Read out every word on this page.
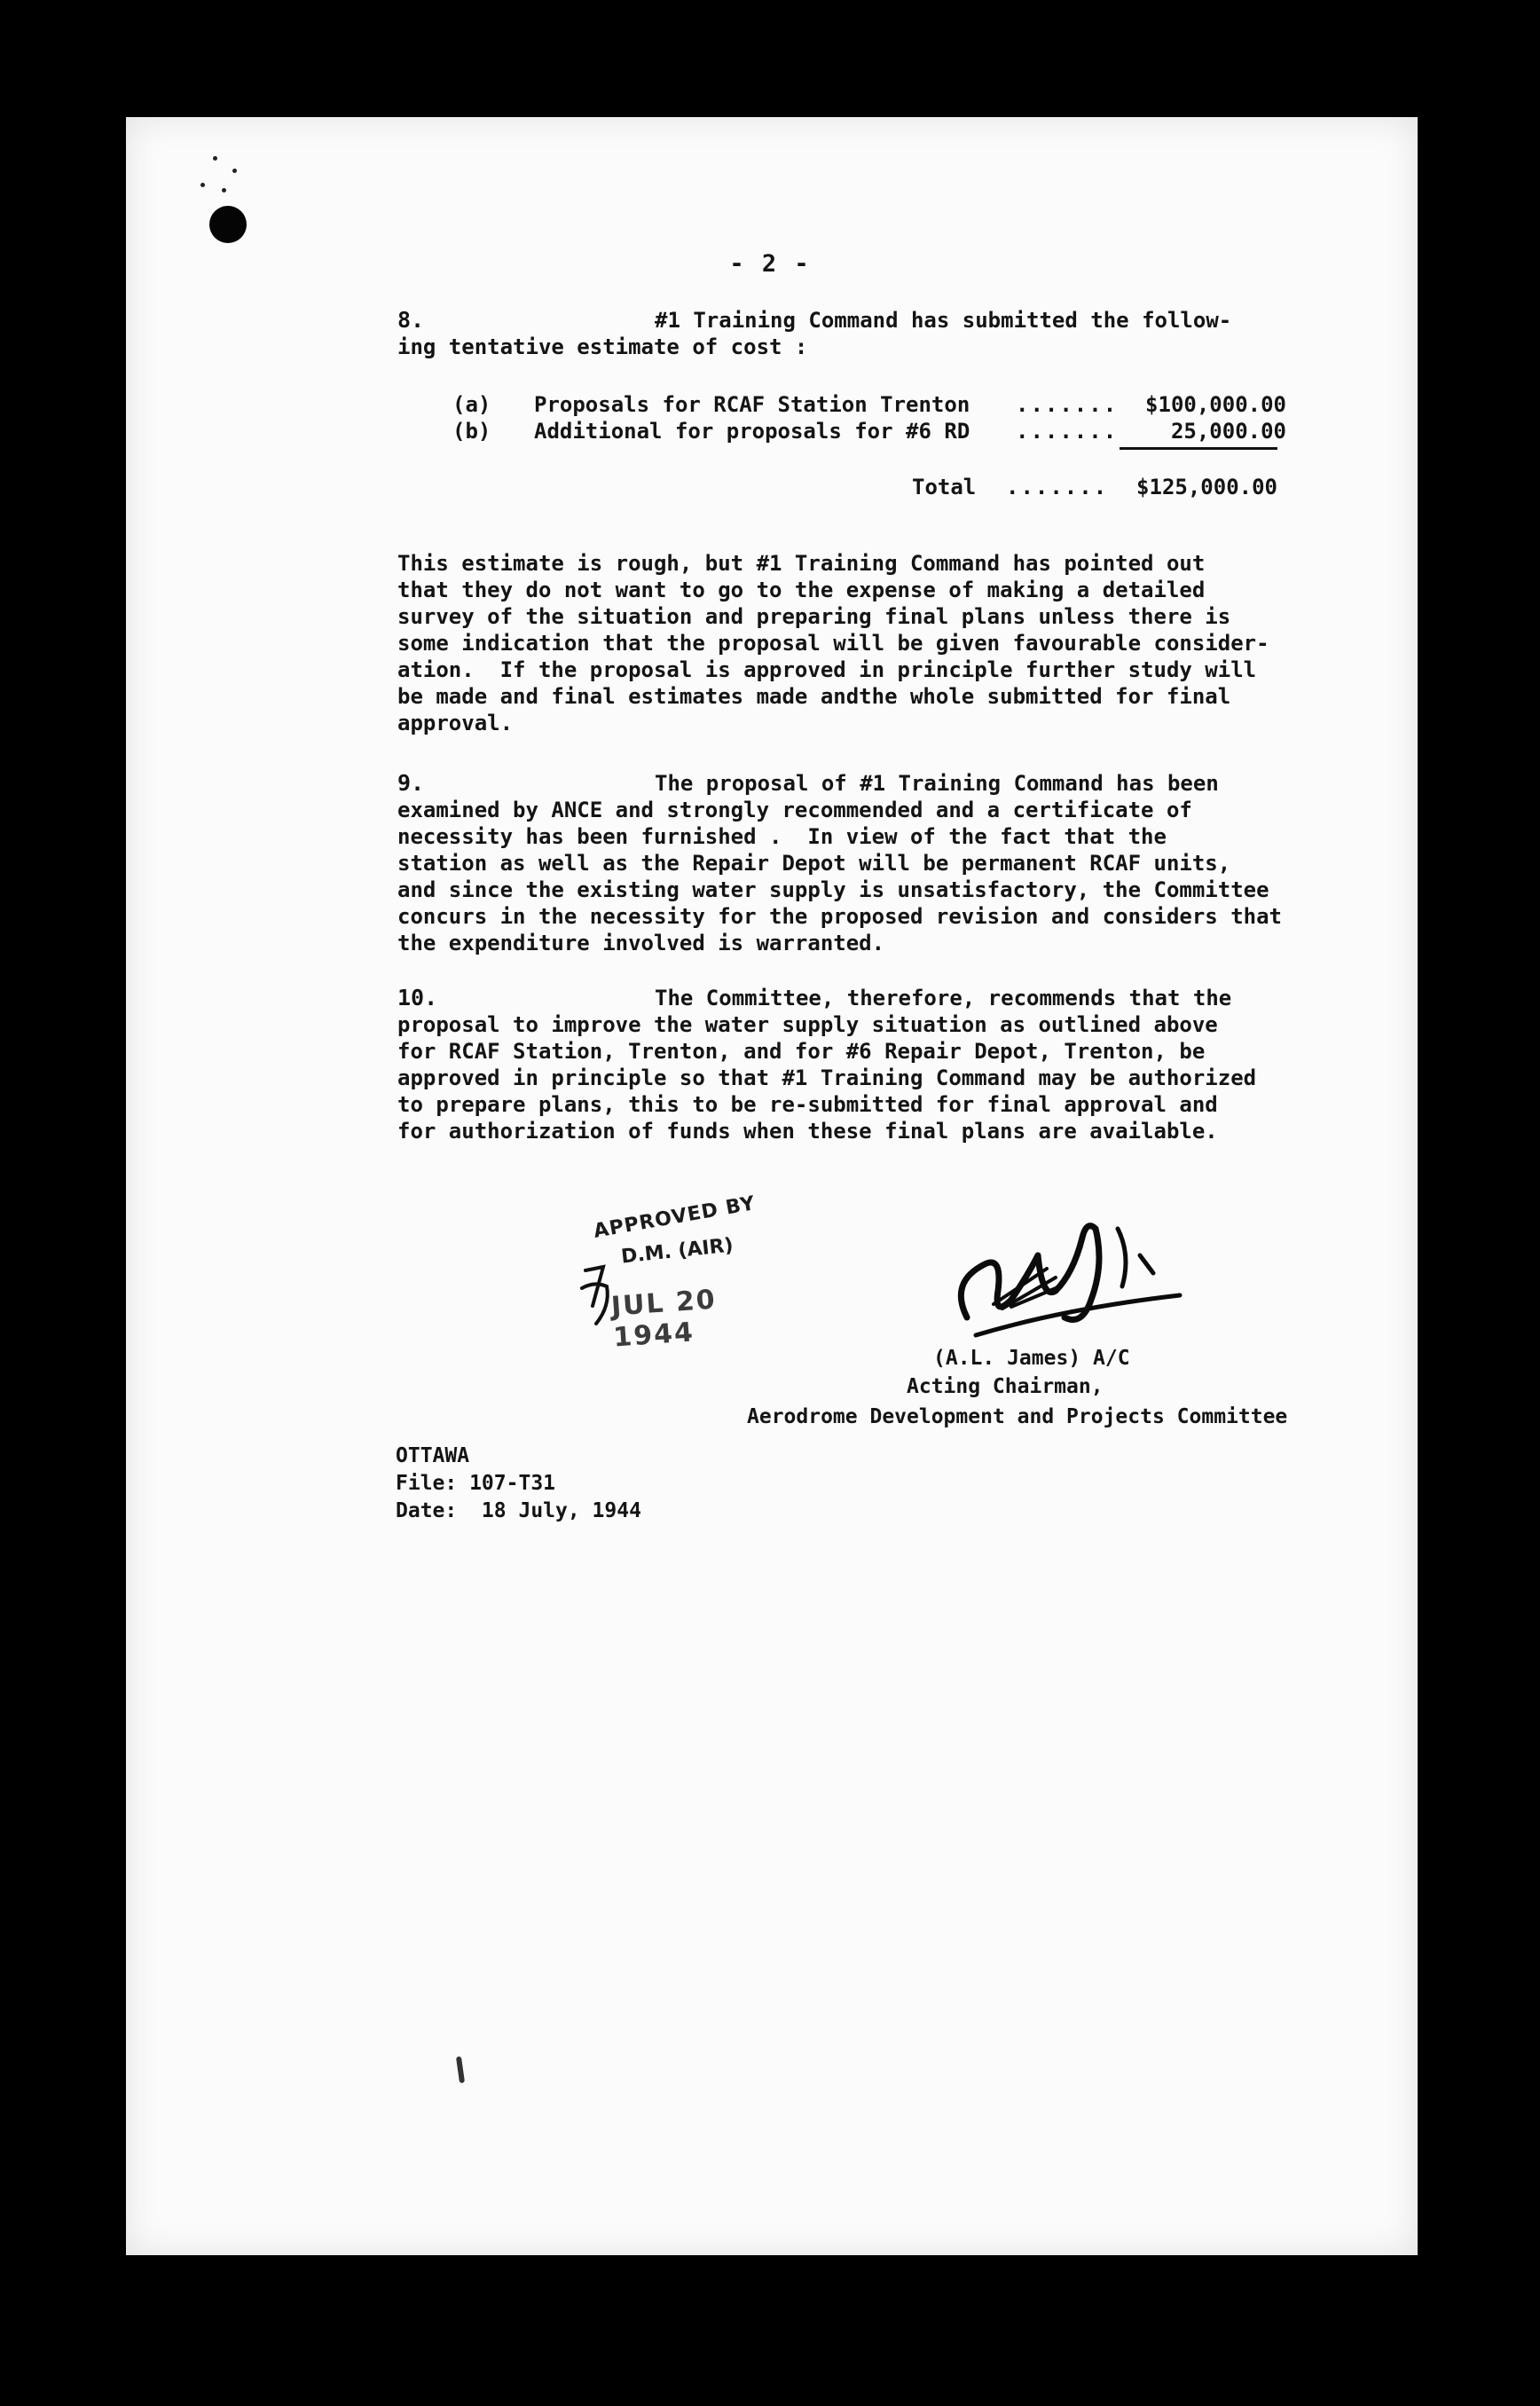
- 2 -
8.	#1 Training Command has submitted the follow-
ing tentative estimate of cost :
(a) Proposals for RCAF Station Trenton .......	$100,000.00
(b) Additional for proposals for #6 RD .......	25,000.00
Total ....... $125,000.00
This estimate is rough, but #1 Training Command has pointed out
that they do not want to go to the expense of making a detailed
survey of the situation and preparing final plans unless there is
some indication that the proposal will be given favourable consider-
ation.  If the proposal is approved in principle further study will
be made and final estimates made andthe whole submitted for final
approval.
9.	The proposal of #1 Training Command has been
examined by ANCE and strongly recommended and a certificate of
necessity has been furnished .  In view of the fact that the
station as well as the Repair Depot will be permanent RCAF units,
and since the existing water supply is unsatisfactory, the Committee
concurs in the necessity for the proposed revision and considers that
the expenditure involved is warranted.
10.	The Committee, therefore, recommends that the
proposal to improve the water supply situation as outlined above
for RCAF Station, Trenton, and for #6 Repair Depot, Trenton, be
approved in principle so that #1 Training Command may be authorized
to prepare plans, this to be re-submitted for final approval and
for authorization of funds when these final plans are available.
APPROVED BY
D.M. (AIR)
JUL 20 1944
(A.L. James) A/C
Acting Chairman,
Aerodrome Development and Projects Committee
OTTAWA
File: 107-T31
Date:  18 July, 1944
